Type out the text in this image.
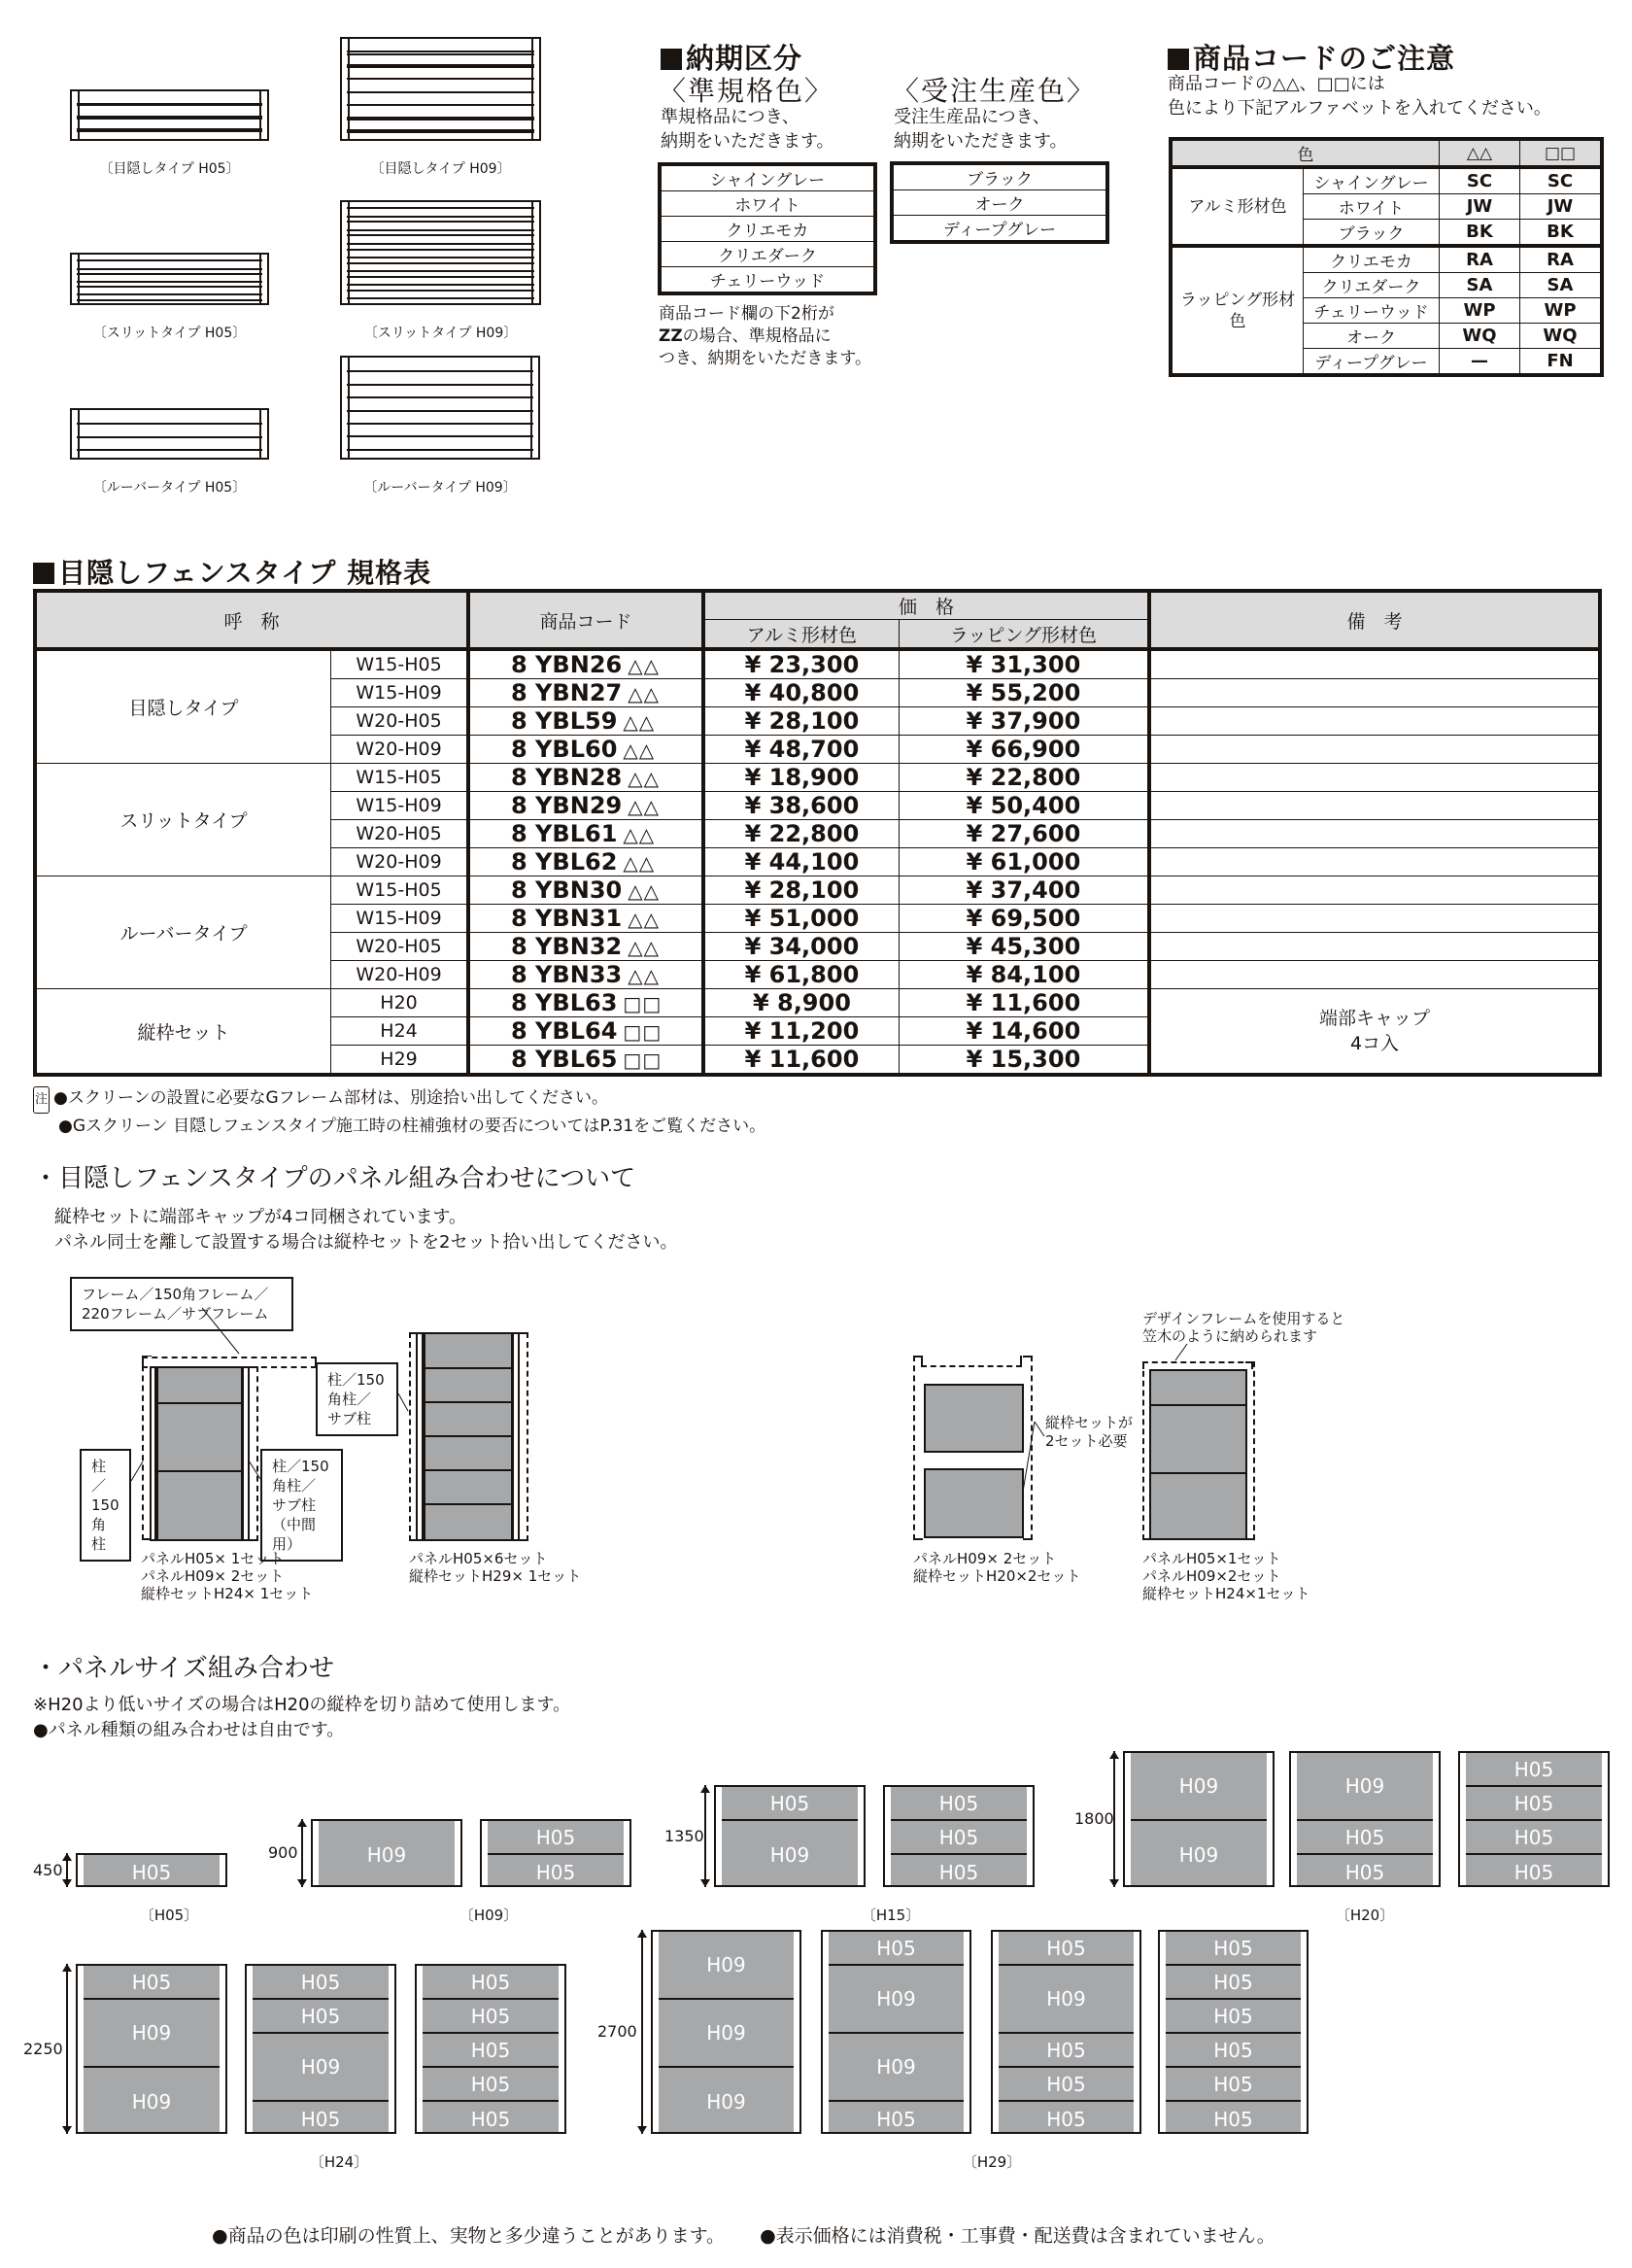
〔目隠しタイプ H05〕	〔目隠しタイプ H09〕
〔スリットタイプ H05〕	〔スリットタイプ H09〕
〔ルーバータイプ H05〕	〔ルーバータイプ H09〕
納期区分
〈準規格色〉
準規格品につき、
納期をいただきます。
シャイングレー
ホワイト
クリエモカ
クリエダーク
チェリーウッド
商品コード欄の下2桁が
ZZの場合、準規格品に
つき、納期をいただきます。
〈受注生産色〉
受注生産品につき、
納期をいただきます。
ブラック
オーク
ディープグレー
商品コードのご注意
商品コードの△△、□□には
色により下記アルファベットを入れてください。
色		△△	□□
アルミ形材色	シャイングレー	SC	SC
	ホワイト	JW	JW
	ブラック	BK	BK
ラッピング形材色	クリエモカ	RA	RA
	クリエダーク	SA	SA
	チェリーウッド	WP	WP
	オーク	WQ	WQ
	ディープグレー	—	FN
目隠しフェンスタイプ 規格表
呼　称		商品コード	価　格		備　考
			アルミ形材色	ラッピング形材色	
目隠しタイプ	W15-H05	8 YBN26 △△	¥ 23,300	¥ 31,300	
	W15-H09	8 YBN27 △△	¥ 40,800	¥ 55,200	
	W20-H05	8 YBL59 △△	¥ 28,100	¥ 37,900	
	W20-H09	8 YBL60 △△	¥ 48,700	¥ 66,900	
スリットタイプ	W15-H05	8 YBN28 △△	¥ 18,900	¥ 22,800	
	W15-H09	8 YBN29 △△	¥ 38,600	¥ 50,400	
	W20-H05	8 YBL61 △△	¥ 22,800	¥ 27,600	
	W20-H09	8 YBL62 △△	¥ 44,100	¥ 61,000	
ルーバータイプ	W15-H05	8 YBN30 △△	¥ 28,100	¥ 37,400	
	W15-H09	8 YBN31 △△	¥ 51,000	¥ 69,500	
	W20-H05	8 YBN32 △△	¥ 34,000	¥ 45,300	
	W20-H09	8 YBN33 △△	¥ 61,800	¥ 84,100	
縦枠セット	H20	8 YBL63 □□	¥ 8,900	¥ 11,600	端部キャップ
4コ入

	H24	8 YBL64 □□	¥ 11,200	¥ 14,600	
	H29	8 YBL65 □□	¥ 11,600	¥ 15,300	
注 ●スクリーンの設置に必要なGフレーム部材は、別途拾い出してください。
●Gスクリーン 目隠しフェンスタイプ施工時の柱補強材の要否についてはP.31をご覧ください。
・目隠しフェンスタイプのパネル組み合わせについて
縦枠セットに端部キャップが4コ同梱されています。
パネル同士を離して設置する場合は縦枠セットを2セット拾い出してください。
フレーム／150角フレーム／
220フレーム／サブフレーム
柱／
150角柱
柱／150角柱／
サブ柱（中間用）
パネルH05× 1セット
パネルH09× 2セット
縦枠セットH24× 1セット
柱／150角柱／
サブ柱
パネルH05×6セット
縦枠セットH29× 1セット
縦枠セットが
2セット必要
パネルH09× 2セット
縦枠セットH20×2セット
デザインフレームを使用すると
笠木のように納められます
パネルH05×1セット
パネルH09×2セット
縦枠セットH24×1セット
・パネルサイズ組み合わせ
※H20より低いサイズの場合はH20の縦枠を切り詰めて使用します。
●パネル種類の組み合わせは自由です。
H05
450
〔H05〕
H09
H05
H05
900
〔H09〕
H05
H09
H05
H05
H05
1350
〔H15〕
H09
H09
H09
H05
H05
H05
H05
H05
H05
1800
〔H20〕
H05
H09
H09
H05
H05
H09
H05
H05
H05
H05
H05
H05
2250
〔H24〕
H09
H09
H09
H05
H09
H09
H05
H05
H09
H05
H05
H05
H05
H05
H05
H05
H05
H05
2700
〔H29〕
●商品の色は印刷の性質上、実物と多少違うことがあります。 ●表示価格には消費税・工事費・配送費は含まれていません。
